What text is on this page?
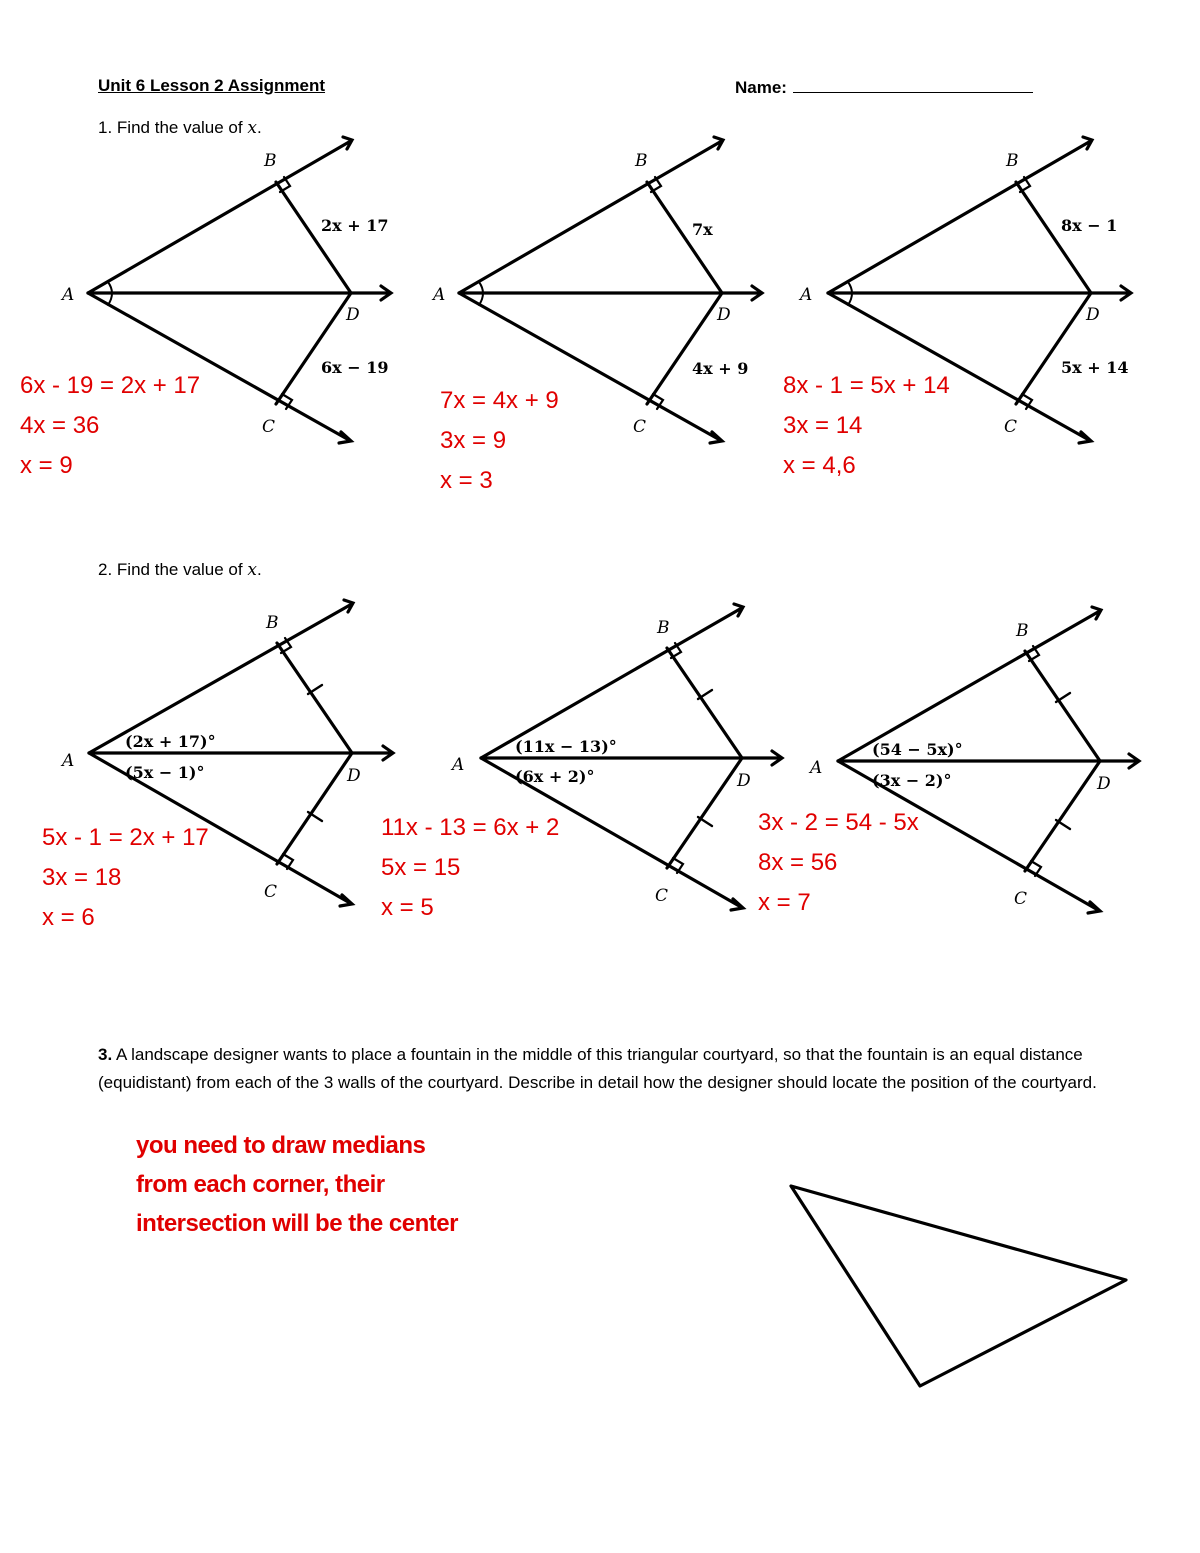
Unit 6 Lesson 2 Assignment	Name:
1. Find the value of x.
2. Find the value of x.
B
A
D
C
2x + 17
6x − 19
B
A
D
C
7x
4x + 9
B
A
D
C
8x − 1
5x + 14
B
A
D
C
(2x + 17)°
(5x − 1)°
B
A
D
C
(11x − 13)°
(6x + 2)°
B
A
D
C
(54 − 5x)°
(3x − 2)°
6x - 19 = 2x + 17
4x = 36
x = 9
7x = 4x + 9
3x = 9
x = 3
8x - 1 = 5x + 14
3x = 14
x = 4,6
5x - 1 = 2x + 17
3x = 18
x = 6
11x - 13 = 6x + 2
5x = 15
x = 5
3x - 2 = 54 - 5x
8x = 56
x = 7
3. A landscape designer wants to place a fountain in the middle of this triangular courtyard, so that the fountain is an equal distance (equidistant) from each of the 3 walls of the courtyard. Describe in detail how the designer should locate the position of the courtyard.
you need to draw medians
from each corner, their
intersection will be the center
